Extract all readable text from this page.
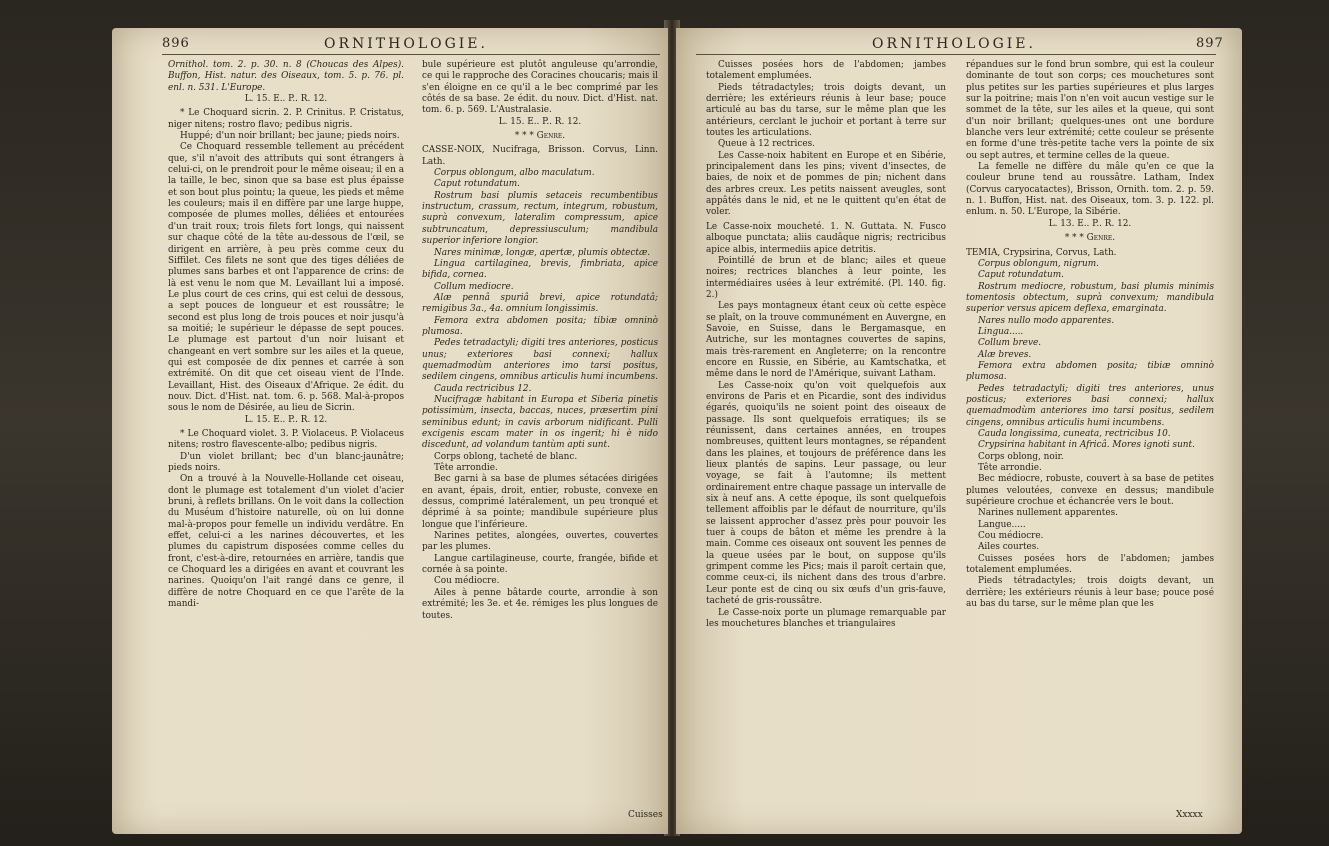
896	ORNITHOLOGIE.

Ornithol. tom. 2. p. 30. n. 8 (Choucas des Alpes). Buffon, Hist. natur. des Oiseaux, tom. 5. p. 76. pl. enl. n. 531. L'Europe.

L. 15. E.. P.. R. 12.

* Le Choquard sicrin. 2. P. Crinitus. P. Cristatus, niger nitens; rostro flavo; pedibus nigris.

Huppé; d'un noir brillant; bec jaune; pieds noirs.

Ce Choquard ressemble tellement au précédent que, s'il n'avoit des attributs qui sont étrangers à celui-ci, on le prendroit pour le même oiseau; il en a la taille, le bec, sinon que sa base est plus épaisse et son bout plus pointu; la queue, les pieds et même les couleurs; mais il en diffère par une large huppe, composée de plumes molles, déliées et entourées d'un trait roux; trois filets fort longs, qui naissent sur chaque côté de la tête au-dessous de l'œil, se dirigent en arrière, à peu près comme ceux du Siffilet. Ces filets ne sont que des tiges déliées de plumes sans barbes et ont l'apparence de crins: de là est venu le nom que M. Levaillant lui a imposé. Le plus court de ces crins, qui est celui de dessous, a sept pouces de longueur et est roussâtre; le second est plus long de trois pouces et noir jusqu'à sa moitié; le supérieur le dépasse de sept pouces. Le plumage est partout d'un noir luisant et changeant en vert sombre sur les ailes et la queue, qui est composée de dix pennes et carrée à son extrémité. On dit que cet oiseau vient de l'Inde. Levaillant, Hist. des Oiseaux d'Afrique. 2e édit. du nouv. Dict. d'Hist. nat. tom. 6. p. 568. Mal-à-propos sous le nom de Désirée, au lieu de Sicrin.

L. 15. E.. P.. R. 12.

* Le Choquard violet. 3. P. Violaceus. P. Violaceus nitens; rostro flavescente-albo; pedibus nigris.

D'un violet brillant; bec d'un blanc-jaunâtre; pieds noirs.

On a trouvé à la Nouvelle-Hollande cet oiseau, dont le plumage est totalement d'un violet d'acier bruni, à reflets brillans. On le voit dans la collection du Muséum d'histoire naturelle, où on lui donne mal-à-propos pour femelle un individu verdâtre. En effet, celui-ci a les narines découvertes, et les plumes du capistrum disposées comme celles du front, c'est-à-dire, retournées en arrière, tandis que ce Choquard les a dirigées en avant et couvrant les narines. Quoiqu'on l'ait rangé dans ce genre, il diffère de notre Choquard en ce que l'arête de la mandi-

bule supérieure est plutôt anguleuse qu'arrondie, ce qui le rapproche des Coracines choucaris; mais il s'en éloigne en ce qu'il a le bec comprimé par les côtés de sa base. 2e édit. du nouv. Dict. d'Hist. nat. tom. 6. p. 569. L'Australasie.

L. 15. E.. P.. R. 12.

* * * Genre.

CASSE-NOIX, Nucifraga, Brisson. Corvus, Linn. Lath.

Corpus oblongum, albo maculatum.

Caput rotundatum.

Rostrum basi plumis setaceis recumbentibus instructum, crassum, rectum, integrum, robustum, suprà convexum, lateralim compressum, apice subtruncatum, depressiusculum; mandibula superior inferiore longior.

Nares minimæ, longæ, apertæ, plumis obtectæ.

Lingua cartilaginea, brevis, fimbriata, apice bifida, cornea.

Collum mediocre.

Alæ pennâ spuriâ brevi, apice rotundatâ; remigibus 3a., 4a. omnium longissimis.

Femora extra abdomen posita; tibiæ omninò plumosa.

Pedes tetradactyli; digiti tres anteriores, posticus unus; exteriores basi connexi; hallux quemadmodùm anteriores imo tarsi positus, sedilem cingens, omnibus articulis humi incumbens.

Cauda rectricibus 12.

Nucifragæ habitant in Europa et Siberia pinetis potissimùm, insecta, baccas, nuces, præsertim pini seminibus edunt; in cavis arborum nidificant. Pulli excigenis escam mater in os ingerit; hi è nido discedunt, ad volandum tantùm apti sunt.

Corps oblong, tacheté de blanc.

Tête arrondie.

Bec garni à sa base de plumes sétacées dirigées en avant, épais, droit, entier, robuste, convexe en dessus, comprimé latéralement, un peu tronqué et déprimé à sa pointe; mandibule supérieure plus longue que l'inférieure.

Narines petites, alongées, ouvertes, couvertes par les plumes.

Langue cartilagineuse, courte, frangée, bifide et cornée à sa pointe.

Cou médiocre.

Ailes à penne bâtarde courte, arrondie à son extrémité; les 3e. et 4e. rémiges les plus longues de toutes.

Cuisses
ORNITHOLOGIE.	897

Cuisses posées hors de l'abdomen; jambes totalement emplumées.

Pieds tétradactyles; trois doigts devant, un derrière; les extérieurs réunis à leur base; pouce articulé au bas du tarse, sur le même plan que les antérieurs, cerclant le juchoir et portant à terre sur toutes les articulations.

Queue à 12 rectrices.

Les Casse-noix habitent en Europe et en Sibérie, principalement dans les pins; vivent d'insectes, de baies, de noix et de pommes de pin; nichent dans des arbres creux. Les petits naissent aveugles, sont appâtés dans le nid, et ne le quittent qu'en état de voler.

Le Casse-noix moucheté. 1. N. Guttata. N. Fusco alboque punctata; aliis caudâque nigris; rectricibus apice albis, intermediis apice detritis.

Pointillé de brun et de blanc; ailes et queue noires; rectrices blanches à leur pointe, les intermédiaires usées à leur extrémité. (Pl. 140. fig. 2.)

Les pays montagneux étant ceux où cette espèce se plaît, on la trouve communément en Auvergne, en Savoie, en Suisse, dans le Bergamasque, en Autriche, sur les montagnes couvertes de sapins, mais très-rarement en Angleterre; on la rencontre encore en Russie, en Sibérie, au Kamtschatka, et même dans le nord de l'Amérique, suivant Latham.

Les Casse-noix qu'on voit quelquefois aux environs de Paris et en Picardie, sont des individus égarés, quoiqu'ils ne soient point des oiseaux de passage. Ils sont quelquefois erratiques; ils se réunissent, dans certaines années, en troupes nombreuses, quittent leurs montagnes, se répandent dans les plaines, et toujours de préférence dans les lieux plantés de sapins. Leur passage, ou leur voyage, se fait à l'automne; ils mettent ordinairement entre chaque passage un intervalle de six à neuf ans. A cette époque, ils sont quelquefois tellement affoiblis par le défaut de nourriture, qu'ils se laissent approcher d'assez près pour pouvoir les tuer à coups de bâton et même les prendre à la main. Comme ces oiseaux ont souvent les pennes de la queue usées par le bout, on suppose qu'ils grimpent comme les Pics; mais il paroît certain que, comme ceux-ci, ils nichent dans des trous d'arbre. Leur ponte est de cinq ou six œufs d'un gris-fauve, tacheté de gris-roussâtre.

Le Casse-noix porte un plumage remarquable par les mouchetures blanches et triangulaires

répandues sur le fond brun sombre, qui est la couleur dominante de tout son corps; ces mouchetures sont plus petites sur les parties supérieures et plus larges sur la poitrine; mais l'on n'en voit aucun vestige sur le sommet de la tête, sur les ailes et la queue, qui sont d'un noir brillant; quelques-unes ont une bordure blanche vers leur extrémité; cette couleur se présente en forme d'une très-petite tache vers la pointe de six ou sept autres, et termine celles de la queue.

La femelle ne diffère du mâle qu'en ce que la couleur brune tend au roussâtre. Latham, Index (Corvus caryocatactes), Brisson, Ornith. tom. 2. p. 59. n. 1. Buffon, Hist. nat. des Oiseaux, tom. 3. p. 122. pl. enlum. n. 50. L'Europe, la Sibérie.

L. 13. E.. P.. R. 12.

* * * Genre.

TEMIA, Crypsirina, Corvus, Lath.

Corpus oblongum, nigrum.

Caput rotundatum.

Rostrum mediocre, robustum, basi plumis minimis tomentosis obtectum, suprà convexum; mandibula superior versus apicem deflexa, emarginata.

Nares nullo modo apparentes.

Lingua.....

Collum breve.

Alæ breves.

Femora extra abdomen posita; tibiæ omninò plumosa.

Pedes tetradactyli; digiti tres anteriores, unus posticus; exteriores basi connexi; hallux quemadmodùm anteriores imo tarsi positus, sedilem cingens, omnibus articulis humi incumbens.

Cauda longissima, cuneata, rectricibus 10.

Crypsirina habitant in Africâ. Mores ignoti sunt.

Corps oblong, noir.

Tête arrondie.

Bec médiocre, robuste, couvert à sa base de petites plumes veloutées, convexe en dessus; mandibule supérieure crochue et échancrée vers le bout.

Narines nullement apparentes.

Langue.....

Cou médiocre.

Ailes courtes.

Cuisses posées hors de l'abdomen; jambes totalement emplumées.

Pieds tétradactyles; trois doigts devant, un derrière; les extérieurs réunis à leur base; pouce posé au bas du tarse, sur le même plan que les

Xxxxx
